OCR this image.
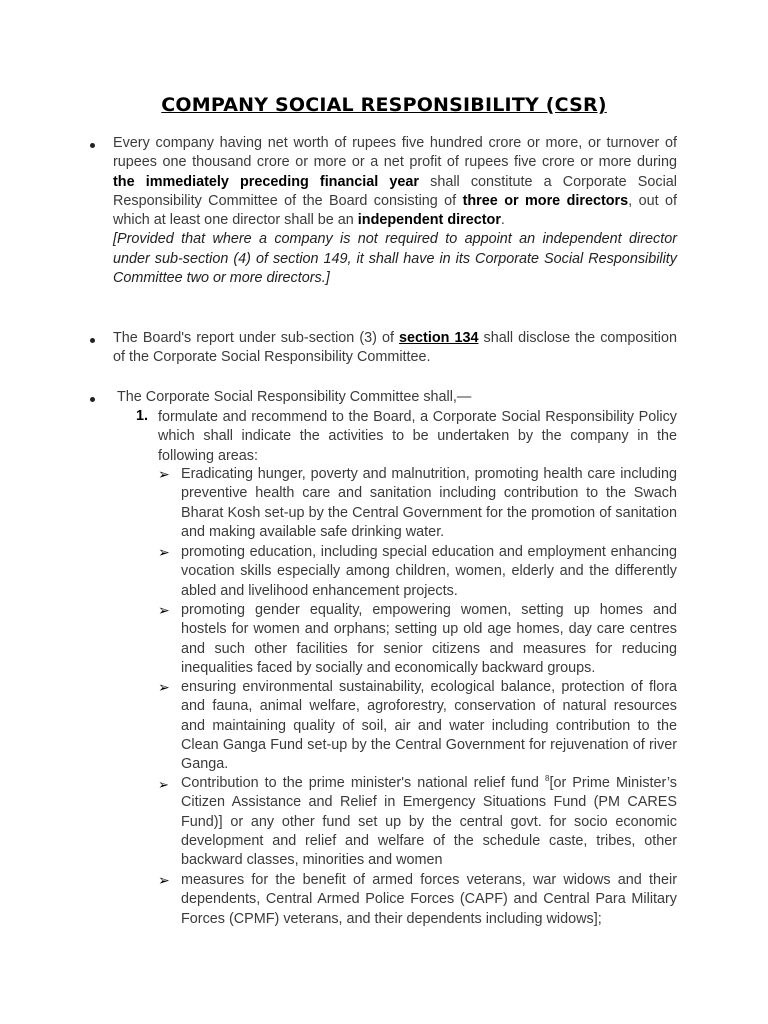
COMPANY SOCIAL RESPONSIBILITY (CSR)

Every company having net worth of rupees five hundred crore or more, or turnover of rupees one thousand crore or more or a net profit of rupees five crore or more during the immediately preceding financial year shall constitute a Corporate Social Responsibility Committee of the Board consisting of three or more directors, out of which at least one director shall be an independent director.
[Provided that where a company is not required to appoint an independent director under sub-section (4) of section 149, it shall have in its Corporate Social Responsibility Committee two or more directors.]

The Board's report under sub-section (3) of section 134 shall disclose the composition of the Corporate Social Responsibility Committee.

The Corporate Social Responsibility Committee shall,—

1. formulate and recommend to the Board, a Corporate Social Responsibility Policy which shall indicate the activities to be undertaken by the company in the following areas:

➢ Eradicating hunger, poverty and malnutrition, promoting health care including preventive health care and sanitation including contribution to the Swach Bharat Kosh set-up by the Central Government for the promotion of sanitation and making available safe drinking water.

➢ promoting education, including special education and employment enhancing vocation skills especially among children, women, elderly and the differently abled and livelihood enhancement projects.

➢ promoting gender equality, empowering women, setting up homes and hostels for women and orphans; setting up old age homes, day care centres and such other facilities for senior citizens and measures for reducing inequalities faced by socially and economically backward groups.

➢ ensuring environmental sustainability, ecological balance, protection of flora and fauna, animal welfare, agroforestry, conservation of natural resources and maintaining quality of soil, air and water including contribution to the Clean Ganga Fund set-up by the Central Government for rejuvenation of river Ganga.

➢ Contribution to the prime minister's national relief fund $^8$[or Prime Minister’s Citizen Assistance and Relief in Emergency Situations Fund (PM CARES Fund)] or any other fund set up by the central govt. for socio economic development and relief and welfare of the schedule caste, tribes, other backward classes, minorities and women

➢ measures for the benefit of armed forces veterans, war widows and their dependents, Central Armed Police Forces (CAPF) and Central Para Military Forces (CPMF) veterans, and their dependents including widows];
